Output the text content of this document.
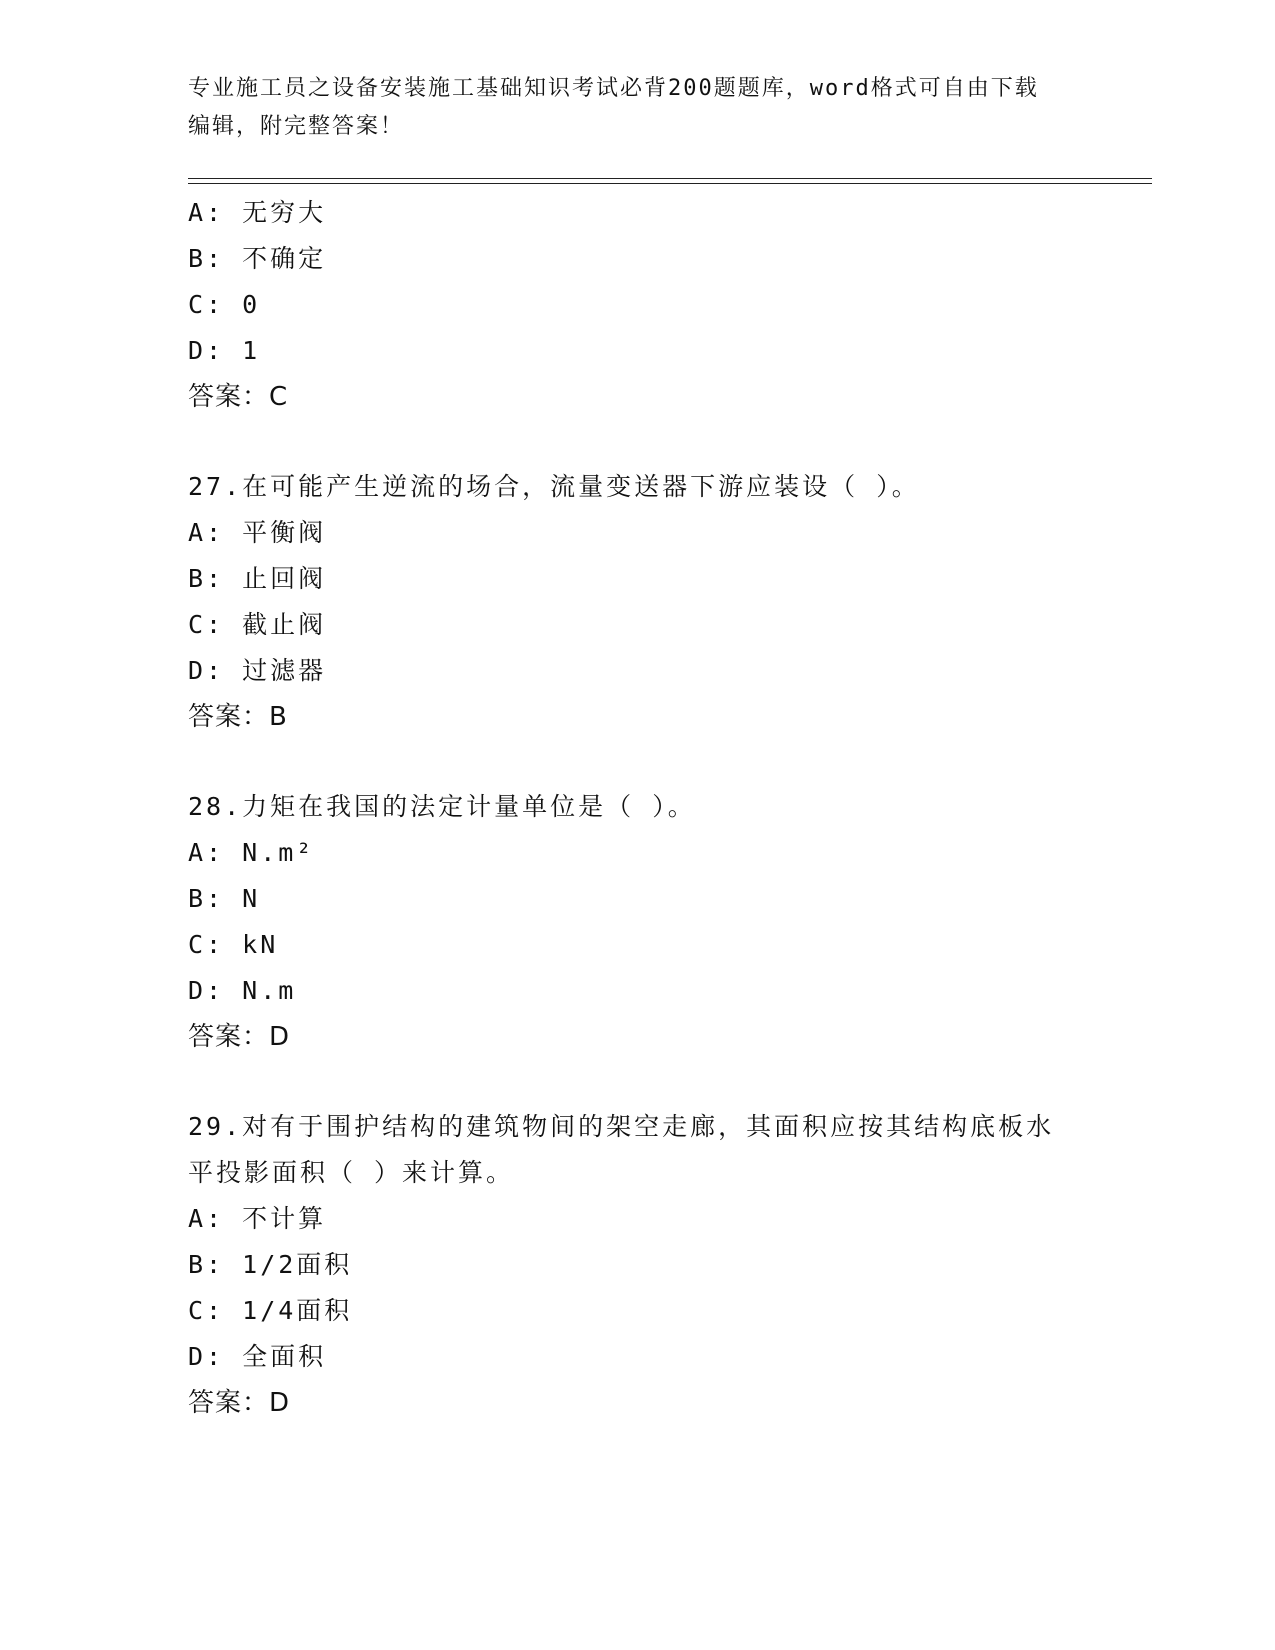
专业施工员之设备安装施工基础知识考试必背200题题库，word格式可自由下载
编辑，附完整答案！
A: 无穷大
B: 不确定
C: 0
D: 1
答案：C
27.在可能产生逆流的场合，流量变送器下游应装设（ ）。
A: 平衡阀
B: 止回阀
C: 截止阀
D: 过滤器
答案：B
28.力矩在我国的法定计量单位是（ ）。
A: N.m²
B: N
C: kN
D: N.m
答案：D
29.对有于围护结构的建筑物间的架空走廊，其面积应按其结构底板水
平投影面积（ ）来计算。
A: 不计算
B: 1/2面积
C: 1/4面积
D: 全面积
答案：D
